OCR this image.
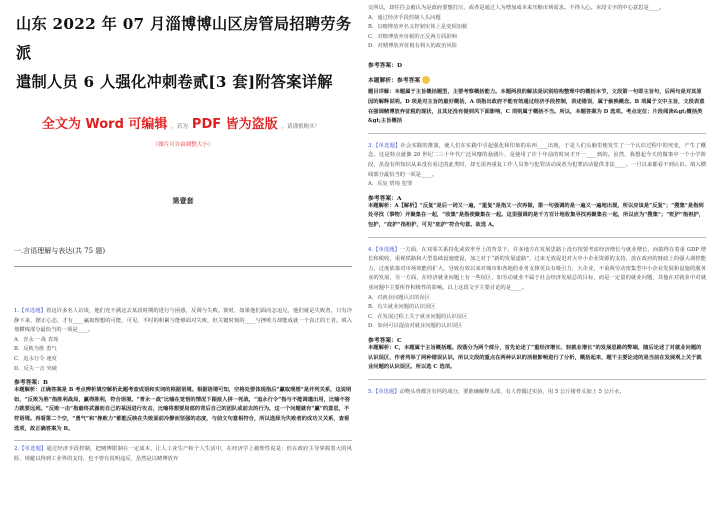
山东 2022 年 07 月淄博博山区房管局招聘劳务派
遣制人员 6 人强化冲刺卷贰[3 套]附答案详解
全文为 Word 可编辑 ，若为 PDF 皆为盗版 ，请谨慎购买！
（图片可自由调整大小）
第壹套
一.言语理解与表达(共 75 题)
1.【单选题】着这许多名人访谈，他们充不满这去某段时期的进行与困惑，反调与失败。彼时，如果他们面向怎追兄，他们就是失败者，只有冷静下来，摆正心态，才有____赢取理想的可能，可见，平时的积累与能够面对失败，但关键时刻的____与挫败力却能成就一个真正的王者。填入划横线部分最恰当的一项是____。
A．青永 一战 表现
B．反败为胜 勇气
C．追永行令 速度
D．反失一击 突破
参考答案：B
本题解析：正确答案是 B 考点辨析填空解析此题考查成语和实词的根据语境。根据语境可知，空格处要体现指后“赢取理想”是并列关系，这说明如，“反败为胜”指胜利战局，赢得胜利，符合语境。“青永一战”比喻在觉悟的情况下跟敌人拼一死战，“追永行令”指与不能调遣出用，比喻不努力就要远到。“反败一击”指最终武器而自己的某因进行攻击，比喻将想要局部的背后自己的团队或前去的行为。这一个问题就有“赢”的意思，不符语境。再看第二个空，“勇气”和“挫败力”都能反映在失败面前冷静而坚强的态度，与前文句意相符合，所以选择为失败者的成功又关系，查看选项，故正确答案为 B。
2.【单选题】通过经济手段控制，把赌博限制在一定成本，让人工业生产和个人生活中，在经济学上被理性说是：但在政府主导掌握着大的风险，规避以得到工业界的支持，也不曾有说明违反，虽然是以赌博放弃
交所以，却往往会被认为是政府要想打压，或者是通过人为增加成本来压缩市场需求。不得入心。本段文字的中心意思是____。
A．通过经济手段控制人头问题
B．以赌博放弃名义控制实体上是变相加税
C．对赌博放弃征税的正反两方面影响
D．对赌博放弃征税有利大的政治风险
参考答案：D
本题解析：参考答案
题目详解：本题属于主旨概括题型，主要考察概括能力。本题两段的解法是识别结构整理中的概括本节，文段第一句即主旨句，后两句是对其原因的解释说明。D 项是对主旨的最好概括，A 项指出政府不能有效通过经济手段控制，表述错误，属于偷换概念。B 项属于文中主旨，文段表意在强调赌博放弃征税的现状，且其还没有提到风下面影响，C 项则属于概括不当。所以，本题答案为 D 选项。考点定位：片段阅读&gt;概括类&gt;主旨概括
3.【单选题】社会实践的推演，使人们在实践中引起强化和印象的东西____出现，于是人们头脑里便发生了一个认识过程中的突变，产生了概念。这是特点就像 20 世纪二三十年代广泛风靡的悬剧片，是使用了许十年前的时间才开一____到的。虽然，我想起今天的做事中一个小学阶段，虽没有所知识从来没有看过的此类时，却无需再重复工作人员参与犯罪活动或者为犯罪活动提供非法____。一旦以来都看不到认识。填入横线部分最恰当的一项是____。
A．反复 情境 犯罪
参考答案：A
本题解析：A【解析】“反复”是后一词又一遍，“重复”是指又一次再做，第一句强调的是一遍又一遍地出现，所以应该是“反复”；“搜集”是指到处寻找（事物）并聚集在一起，“收集”是指使聚集在一起。这里强调的是千方百计地收集寻找再聚集在一起，所以应为“搜集”；“贬护”指袒护，包护，“庇护”指袒护，可见“庇护”符合句意。故选 A。
4.【单选题】一方面，在双零关系持化或效率至上的背景下，许多地方在发展思路上没有按要考虑经济增长与就业增长，而搞得在着重 GDP 增长和税收，重视铁路和大型基础设施建设，加之对于“新的发展道路”，过来无效促进对大中小企业资源的支持，放在政府的财政上的强大调控能力，过度依靠对市场效能的扩大，导致有效以来对城市和各地的业务支撑更具有吸引力，大企业，不重视劳动密集型中小企业发展和设施的服务业的发展，另一方面，在经济就业问题上有一些误区，如劳动就业不属于社会经济发展总的目标，而是一定量的就业问题，其他在对就业中对就业问题中主要所作积极性的影响。以上这段文字主要讨论的是____。
A．对就业问题认识的误区
B．有失就业问题的认识误区
C．在发展过程上关于就业问题的认识误区
D．如何可以提前对就业问题的认识误区
参考答案：C
本题解析：C，本题属于主旨概括题。段落分为两个部分，首先论述了“重经济增长、轻就业增长”的发展思路的弊端，随后论述了对就业问题的认识误区，作者列举了两种错误认识，所以文段的重点在两种认识的消极影响进行了分析，概括起来，题干主要论述的是当前在发展观上关于就业问题的认识误区。所以选 C 选项。
5.【单选题】动物头骨都含有钙的成分，要准确解释头部，有人曾做过实验，用 5 公斤猪骨头加上 5 公斤水，
